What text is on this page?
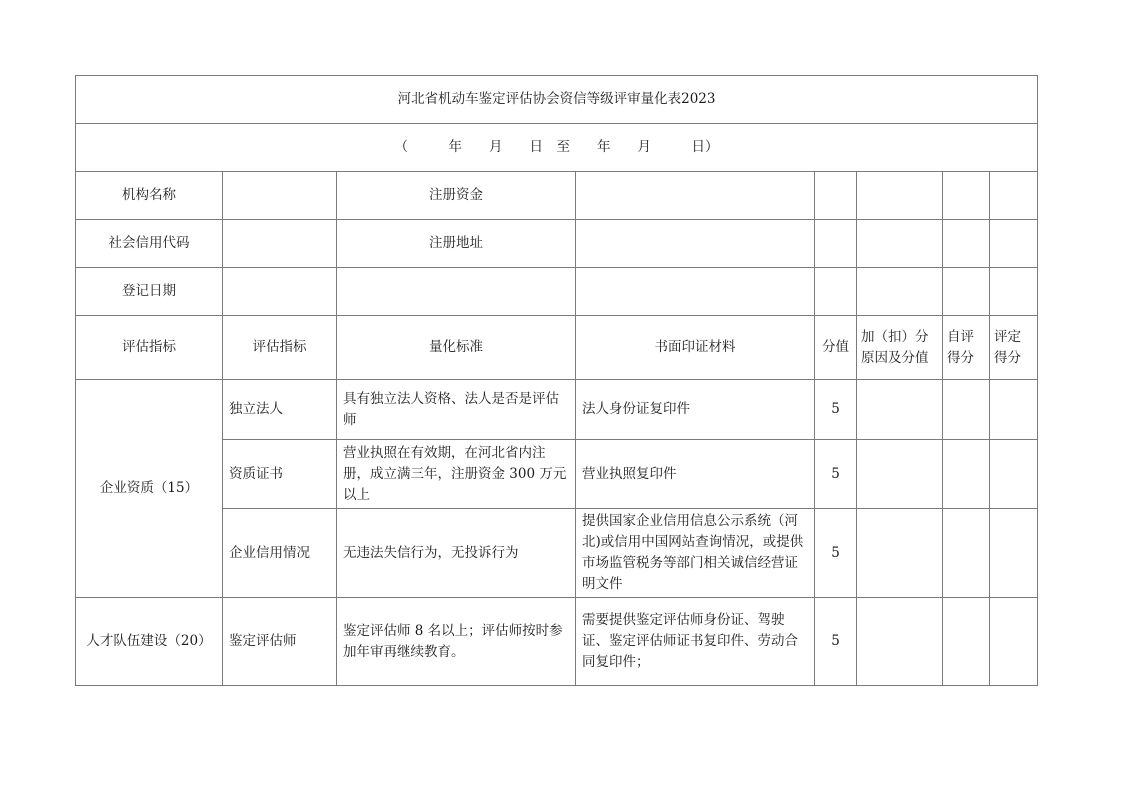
河北省机动车鉴定评估协会资信等级评审量化表2023							
（　　　年　　月　　日　至　　年　　月　　　日）							
机构名称		注册资金					
社会信用代码		注册地址					
登记日期							
评估指标	评估指标	量化标准	书面印证材料	分值	加（扣）分原因及分值	自评得分	评定得分
企业资质（15）	独立法人	具有独立法人资格、法人是否是评估师	法人身份证复印件	5			
	资质证书	营业执照在有效期，在河北省内注册，成立满三年，注册资金 300 万元以上	营业执照复印件	5			
	企业信用情况	无违法失信行为，无投诉行为	提供国家企业信用信息公示系统（河北)或信用中国网站查询情况，或提供市场监管税务等部门相关诚信经营证明文件	5			
人才队伍建设（20）	鉴定评估师	鉴定评估师 8 名以上；评估师按时参加年审再继续教育。	需要提供鉴定评估师身份证、驾驶证、鉴定评估师证书复印件、劳动合同复印件；	5			
